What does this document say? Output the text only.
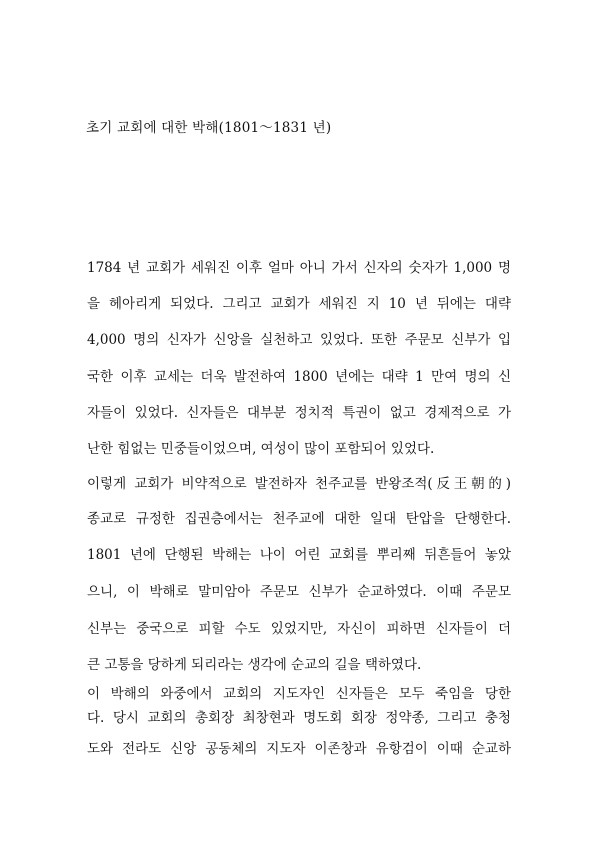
초기 교회에 대한 박해(1801～1831 년)
1784 년 교회가 세워진 이후 얼마 아니 가서 신자의 숫자가 1,000 명
을 헤아리게 되었다. 그리고 교회가 세워진 지 10 년 뒤에는 대략
4,000 명의 신자가 신앙을 실천하고 있었다. 또한 주문모 신부가 입
국한 이후 교세는 더욱 발전하여 1800 년에는 대략 1 만여 명의 신
자들이 있었다. 신자들은 대부분 정치적 특권이 없고 경제적으로 가
난한 힘없는 민중들이었으며, 여성이 많이 포함되어 있었다.
이렇게 교회가 비약적으로 발전하자 천주교를 반왕조적(反王朝的)
종교로 규정한 집권층에서는 천주교에 대한 일대 탄압을 단행한다.
1801 년에 단행된 박해는 나이 어린 교회를 뿌리째 뒤흔들어 놓았
으니, 이 박해로 말미암아 주문모 신부가 순교하였다. 이때 주문모
신부는 중국으로 피할 수도 있었지만, 자신이 피하면 신자들이 더
큰 고통을 당하게 되리라는 생각에 순교의 길을 택하였다.
이 박해의 와중에서 교회의 지도자인 신자들은 모두 죽임을 당한
다. 당시 교회의 총회장 최창현과 명도회 회장 정약종, 그리고 충청
도와 전라도 신앙 공동체의 지도자 이존창과 유항검이 이때 순교하
